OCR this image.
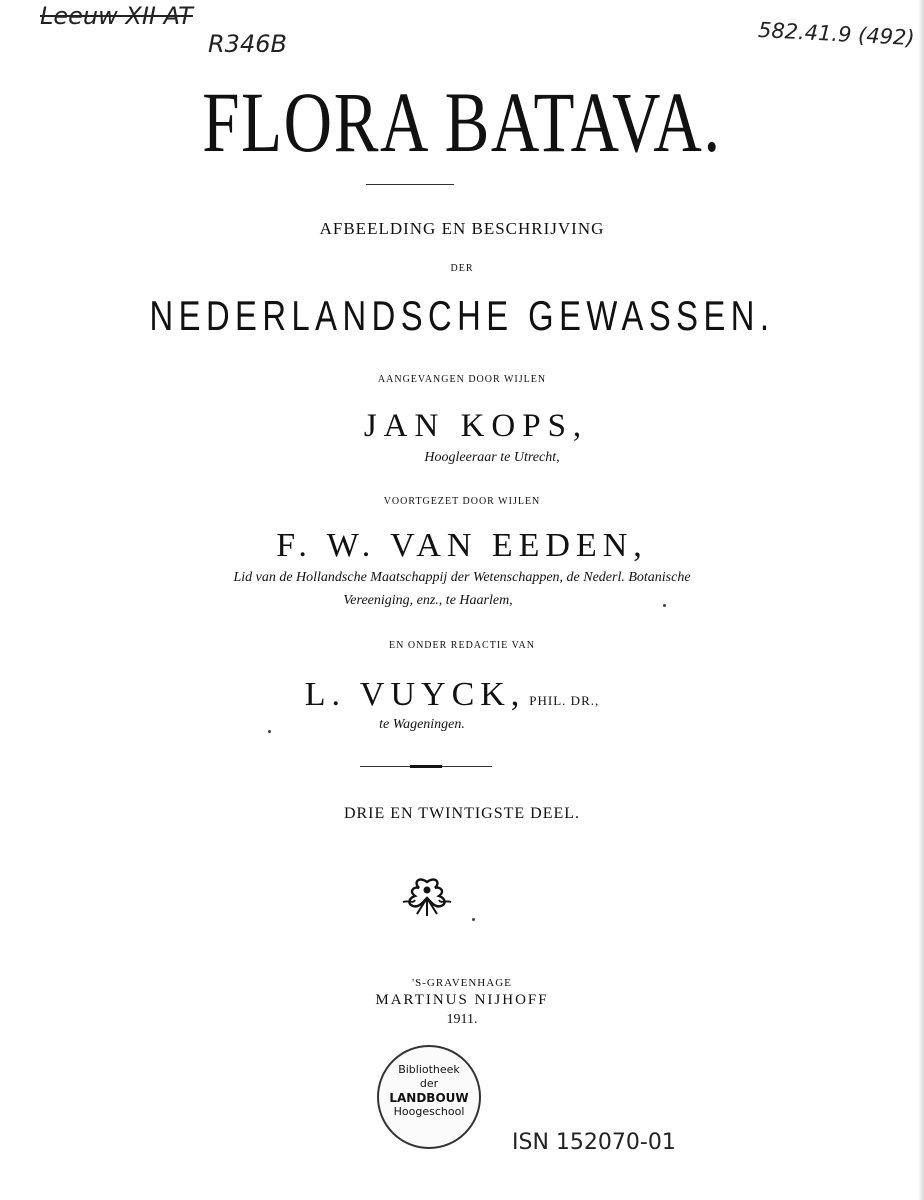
Leeuw XII AT
R346B	582.41.9 (492)
FLORA BATAVA.
AFBEELDING EN BESCHRIJVING
DER
NEDERLANDSCHE GEWASSEN.
AANGEVANGEN DOOR WIJLEN
JAN KOPS,
Hoogleeraar te Utrecht,
VOORTGEZET DOOR WIJLEN
F. W. VAN EEDEN,
Lid van de Hollandsche Maatschappij der Wetenschappen, de Nederl. Botanische
Vereeniging, enz., te Haarlem,
EN ONDER REDACTIE VAN
L. VUYCK, PHIL. DR.,
te Wageningen.
DRIE EN TWINTIGSTE DEEL.
'S-GRAVENHAGE
MARTINUS NIJHOFF
1911.
Bibliotheek
der
LANDBOUW
Hoogeschool
ISN 152070-01
